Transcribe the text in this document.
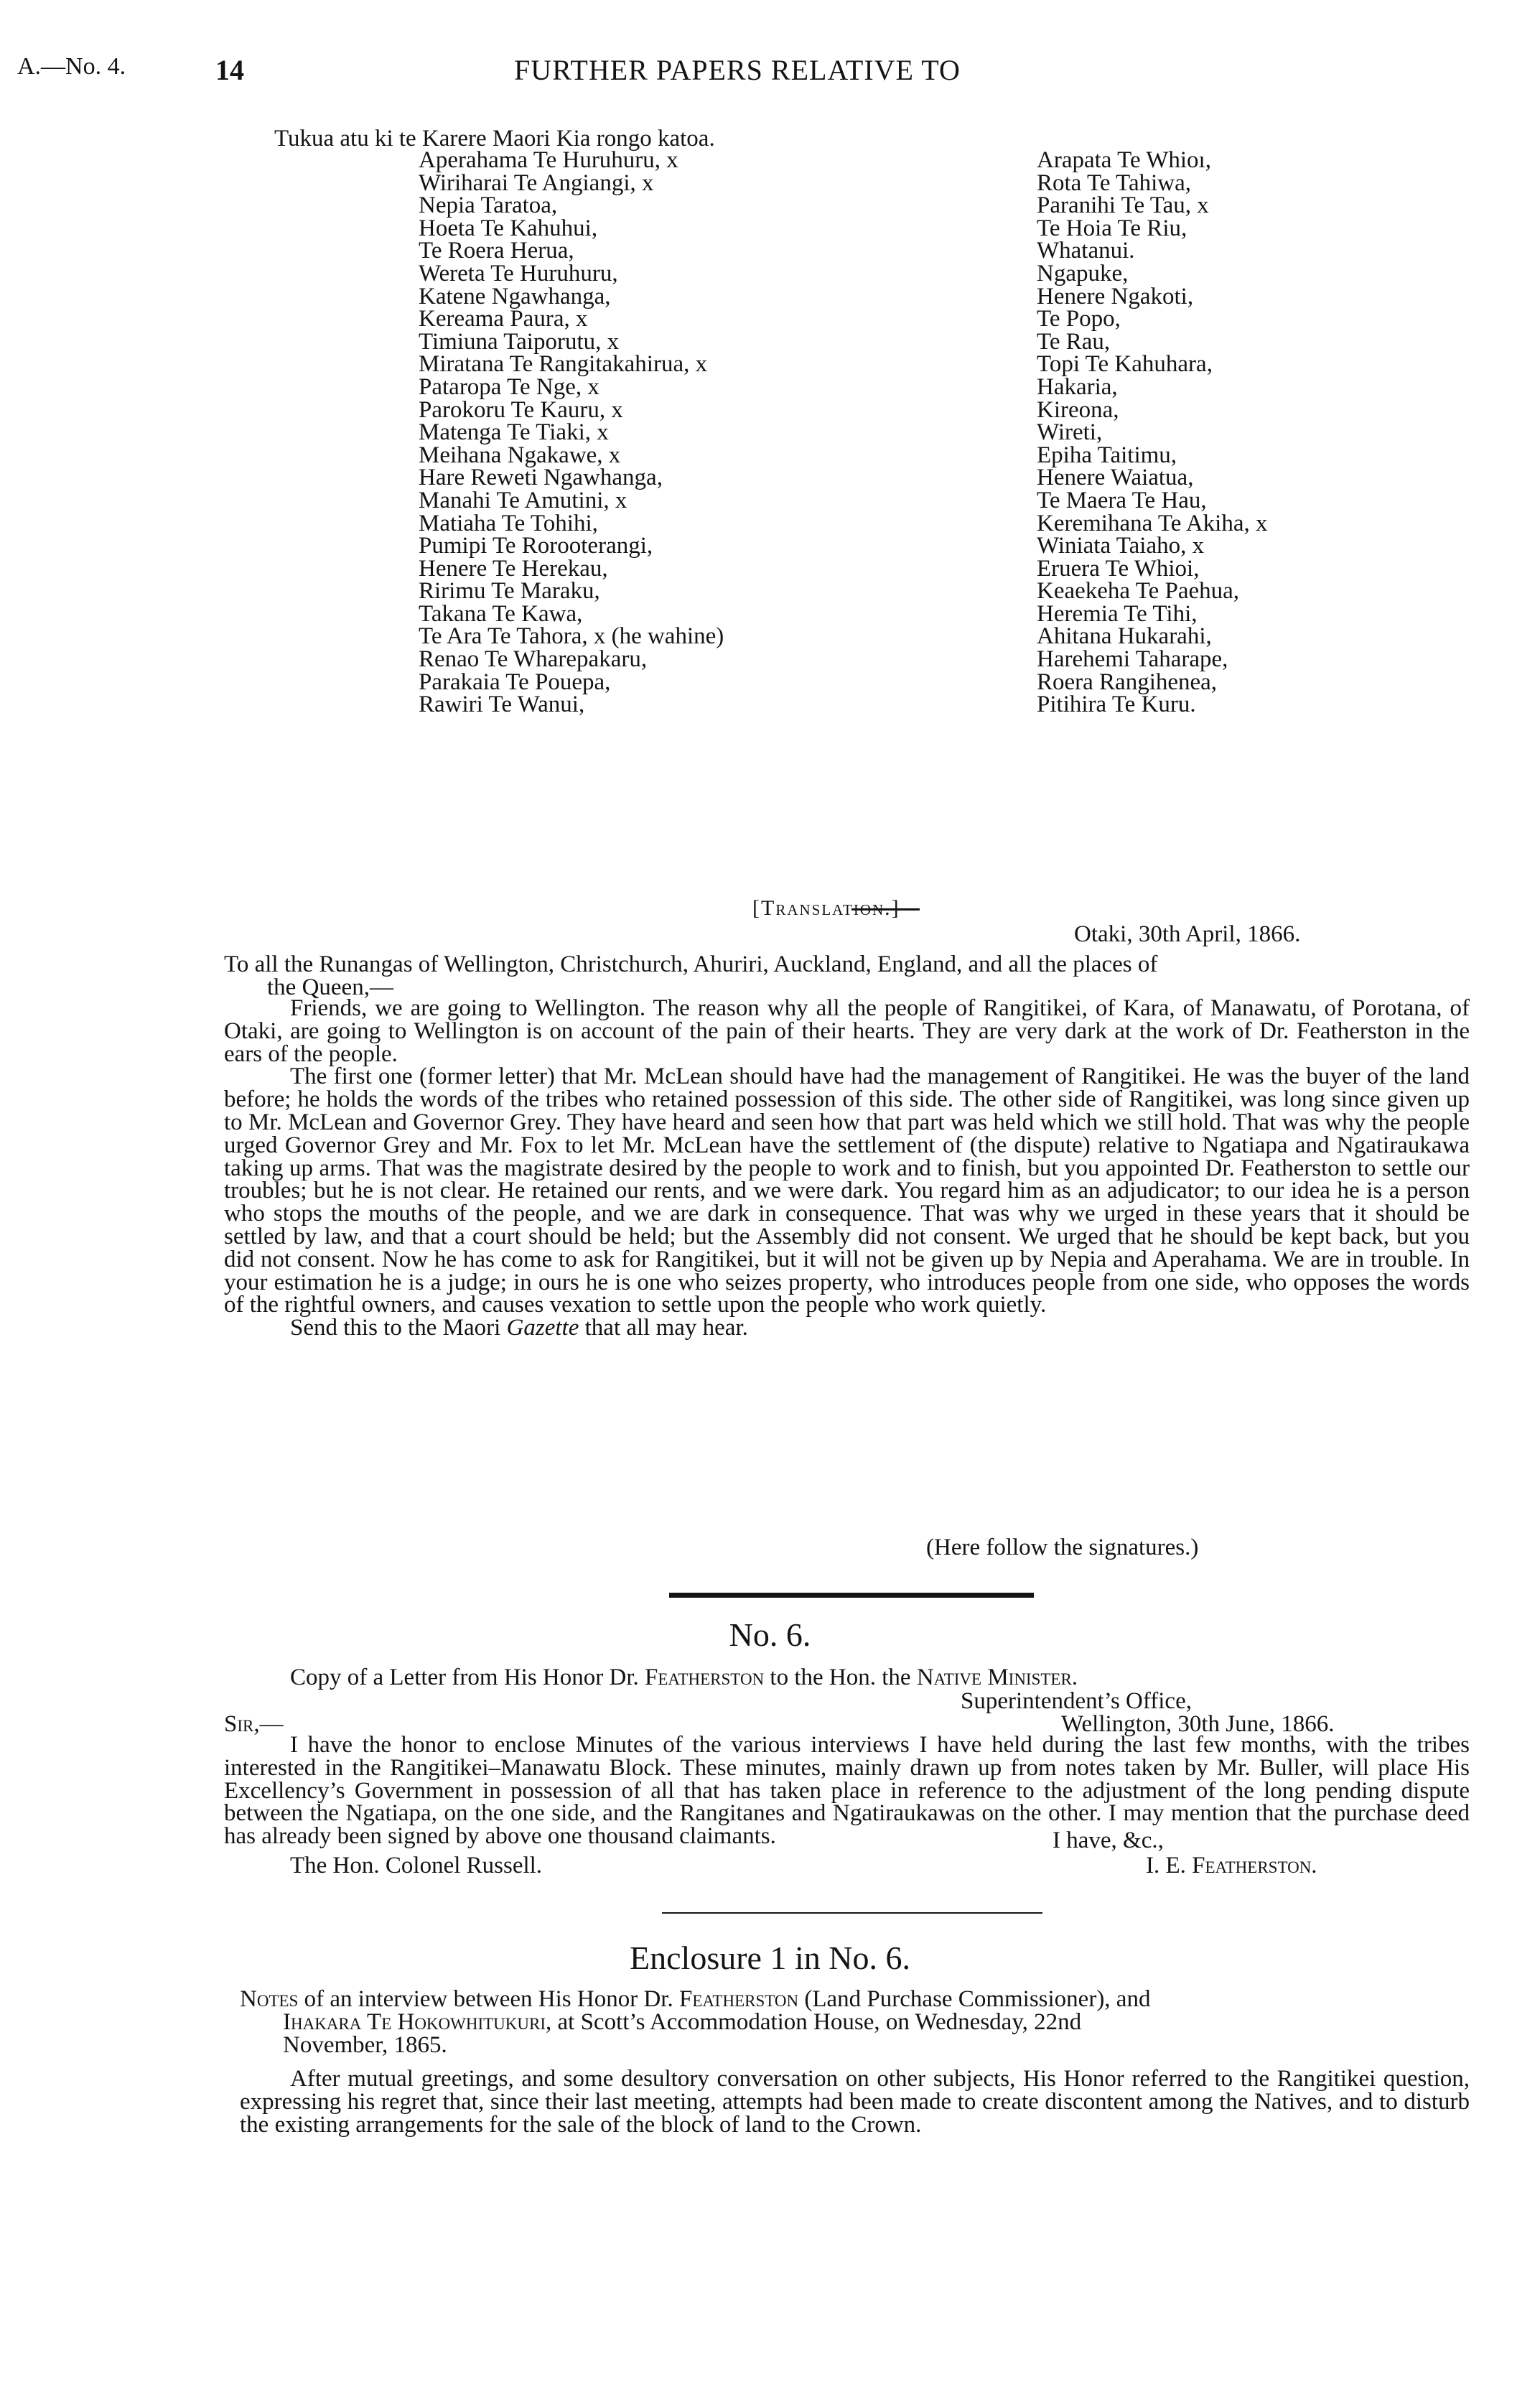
A.—No. 4.	14	FURTHER PAPERS RELATIVE TO
Tukua atu ki te Karere Maori Kia rongo katoa.
Aperahama Te Huruhuru, x
Wiriharai Te Angiangi, x
Nepia Taratoa,
Hoeta Te Kahuhui,
Te Roera Herua,
Wereta Te Huruhuru,
Katene Ngawhanga,
Kereama Paura, x
Timiuna Taiporutu, x
Miratana Te Rangitakahirua, x
Pataropa Te Nge, x
Parokoru Te Kauru, x
Matenga Te Tiaki, x
Meihana Ngakawe, x
Hare Reweti Ngawhanga,
Manahi Te Amutini, x
Matiaha Te Tohihi,
Pumipi Te Rorooterangi,
Henere Te Herekau,
Ririmu Te Maraku,
Takana Te Kawa,
Te Ara Te Tahora, x (he wahine)
Renao Te Wharepakaru,
Parakaia Te Pouepa,
Rawiri Te Wanui,
Arapata Te Whioı,
Rota Te Tahiwa,
Paranihi Te Tau, x
Te Hoia Te Riu,
Whatanui.
Ngapuke,
Henere Ngakoti,
Te Popo,
Te Rau,
Topi Te Kahuhara,
Hakaria,
Kireona,
Wireti,
Epiha Taitimu,
Henere Waiatua,
Te Maera Te Hau,
Keremihana Te Akiha, x
Winiata Taiaho, x
Eruera Te Whioi,
Keaekeha Te Paehua,
Heremia Te Tihi,
Ahitana Hukarahi,
Harehemi Taharape,
Roera Rangihenea,
Pitihira Te Kuru.
[Translation.]
Otaki, 30th April, 1866.
To all the Runangas of Wellington, Christchurch, Ahuriri, Auckland, England, and all the places of
the Queen,—

Friends, we are going to Wellington. The reason why all the people of Rangitikei, of Kara, of Manawatu, of Porotana, of Otaki, are going to Wellington is on account of the pain of their hearts. They are very dark at the work of Dr. Featherston in the ears of the people.

The first one (former letter) that Mr. McLean should have had the management of Rangitikei. He was the buyer of the land before; he holds the words of the tribes who retained possession of this side. The other side of Rangitikei, was long since given up to Mr. McLean and Governor Grey. They have heard and seen how that part was held which we still hold. That was why the people urged Governor Grey and Mr. Fox to let Mr. McLean have the settlement of (the dispute) relative to Ngatiapa and Ngatiraukawa taking up arms. That was the magistrate desired by the people to work and to finish, but you appointed Dr. Featherston to settle our troubles; but he is not clear. He retained our rents, and we were dark. You regard him as an adjudicator; to our idea he is a person who stops the mouths of the people, and we are dark in consequence. That was why we urged in these years that it should be settled by law, and that a court should be held; but the Assembly did not consent. We urged that he should be kept back, but you did not consent. Now he has come to ask for Rangitikei, but it will not be given up by Nepia and Aperahama. We are in trouble. In your estimation he is a judge; in ours he is one who seizes property, who introduces people from one side, who opposes the words of the rightful owners, and causes vexation to settle upon the people who work quietly.

Send this to the Maori Gazette that all may hear.

(Here follow the signatures.)
No. 6.
Copy of a Letter from His Honor Dr. Featherston to the Hon. the Native Minister.
Superintendent’s Office,
Sir,—	Wellington, 30th June, 1866.

I have the honor to enclose Minutes of the various interviews I have held during the last few months, with the tribes interested in the Rangitikei–Manawatu Block. These minutes, mainly drawn up from notes taken by Mr. Buller, will place His Excellency’s Government in possession of all that has taken place in reference to the adjustment of the long pending dispute between the Ngatiapa, on the one side, and the Rangitanes and Ngatiraukawas on the other. I may mention that the purchase deed has already been signed by above one thousand claimants.	I have, &c.,
The Hon. Colonel Russell.	I. E. Featherston.
Enclosure 1 in No. 6.
Notes of an interview between His Honor Dr. Featherston (Land Purchase Commissioner), and
Ihakara Te Hokowhitukuri, at Scott’s Accommodation House, on Wednesday, 22nd
November, 1865.

After mutual greetings, and some desultory conversation on other subjects, His Honor referred to the Rangitikei question, expressing his regret that, since their last meeting, attempts had been made to create discontent among the Natives, and to disturb the existing arrangements for the sale of the block of land to the Crown.
